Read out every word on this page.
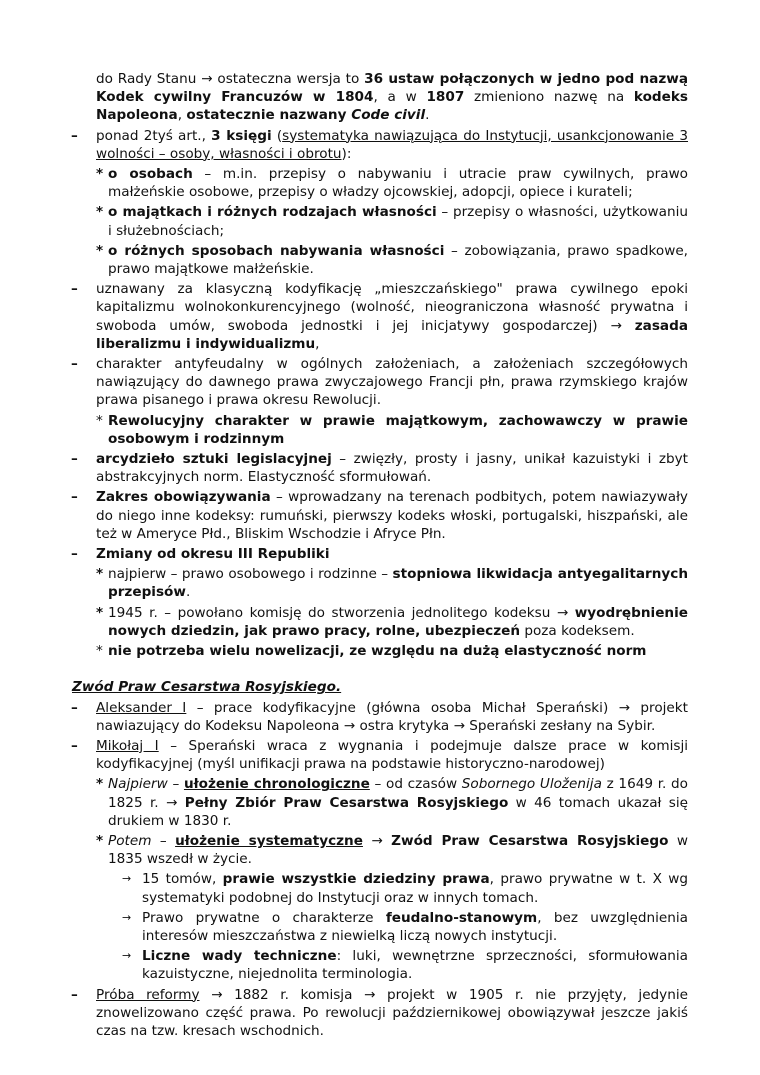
do Rady Stanu → ostateczna wersja to 36 ustaw połączonych w jedno pod nazwą Kodek cywilny Francuzów w 1804, a w 1807 zmieniono nazwę na kodeks Napoleona, ostatecznie nazwany Code civil.
– ponad 2tyś art., 3 księgi (systematyka nawiązująca do Instytucji, usankcjonowanie 3 wolności – osoby, własności i obrotu):
* o osobach – m.in. przepisy o nabywaniu i utracie praw cywilnych, prawo małżeńskie osobowe, przepisy o władzy ojcowskiej, adopcji, opiece i kurateli;
* o majątkach i różnych rodzajach własności – przepisy o własności, użytkowaniu i służebnościach;
* o różnych sposobach nabywania własności – zobowiązania, prawo spadkowe, prawo majątkowe małżeńskie.
– uznawany za klasyczną kodyfikację „mieszczańskiego" prawa cywilnego epoki kapitalizmu wolnokonkurencyjnego (wolność, nieograniczona własność prywatna i swoboda umów, swoboda jednostki i jej inicjatywy gospodarczej) → zasada liberalizmu i indywidualizmu,
– charakter antyfeudalny w ogólnych założeniach, a założeniach szczegółowych nawiązujący do dawnego prawa zwyczajowego Francji płn, prawa rzymskiego krajów prawa pisanego i prawa okresu Rewolucji.
* Rewolucyjny charakter w prawie majątkowym, zachowawczy w prawie osobowym i rodzinnym
– arcydzieło sztuki legislacyjnej – zwięzły, prosty i jasny, unikał kazuistyki i zbyt abstrakcyjnych norm. Elastyczność sformułowań.
– Zakres obowiązywania – wprowadzany na terenach podbitych, potem nawiazywały do niego inne kodeksy: rumuński, pierwszy kodeks włoski, portugalski, hiszpański, ale też w Ameryce Płd., Bliskim Wschodzie i Afryce Płn.
– Zmiany od okresu III Republiki
* najpierw – prawo osobowego i rodzinne – stopniowa likwidacja antyegalitarnych przepisów.
* 1945 r. – powołano komisję do stworzenia jednolitego kodeksu → wyodrębnienie nowych dziedzin, jak prawo pracy, rolne, ubezpieczeń poza kodeksem.
* nie potrzeba wielu nowelizacji, ze względu na dużą elastyczność norm
Zwód Praw Cesarstwa Rosyjskiego.
– Aleksander I – prace kodyfikacyjne (główna osoba Michał Sperański) → projekt nawiazujący do Kodeksu Napoleona → ostra krytyka → Sperański zesłany na Sybir.
– Mikołaj I – Sperański wraca z wygnania i podejmuje dalsze prace w komisji kodyfikacyjnej (myśl unifikacji prawa na podstawie historyczno-narodowej)
* Najpierw – ułożenie chronologiczne – od czasów Sobornego Uloženija z 1649 r. do 1825 r. → Pełny Zbiór Praw Cesarstwa Rosyjskiego w 46 tomach ukazał się drukiem w 1830 r.
* Potem – ułożenie systematyczne → Zwód Praw Cesarstwa Rosyjskiego w 1835 wszedł w życie.
→ 15 tomów, prawie wszystkie dziedziny prawa, prawo prywatne w t. X wg systematyki podobnej do Instytucji oraz w innych tomach.
→ Prawo prywatne o charakterze feudalno-stanowym, bez uwzględnienia interesów mieszczaństwa z niewielką liczą nowych instytucji.
→ Liczne wady techniczne: luki, wewnętrzne sprzeczności, sformułowania kazuistyczne, niejednolita terminologia.
– Próba reformy → 1882 r. komisja → projekt w 1905 r. nie przyjęty, jedynie znowelizowano część prawa. Po rewolucji październikowej obowiązywał jeszcze jakiś czas na tzw. kresach wschodnich.
